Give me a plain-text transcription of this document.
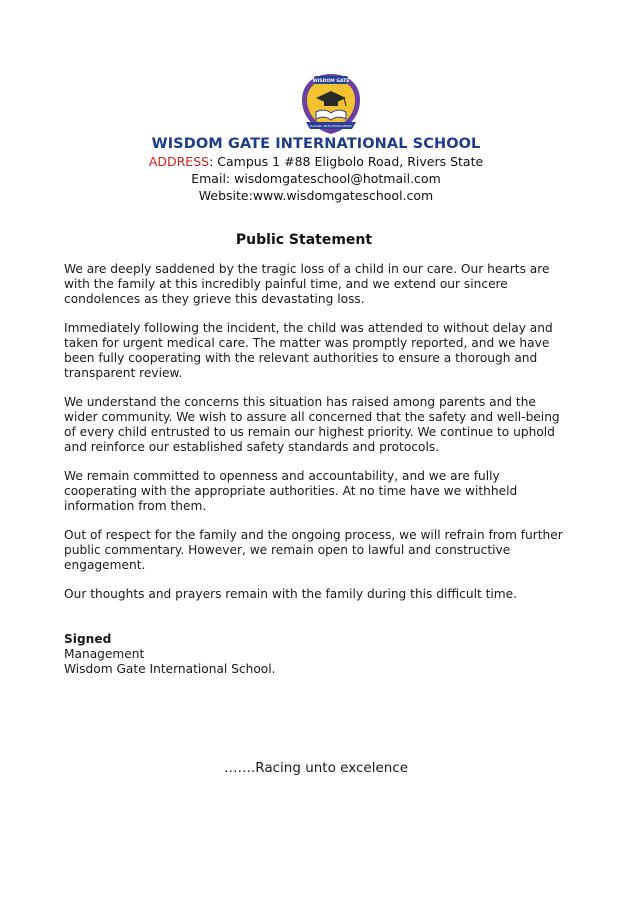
WISDOM GATE
RACING UNTO EXCELLENCE

WISDOM GATE INTERNATIONAL SCHOOL

ADDRESS: Campus 1 #88 Eligbolo Road, Rivers State

Email: wisdomgateschool@hotmail.com

Website:www.wisdomgateschool.com

Public Statement

We are deeply saddened by the tragic loss of a child in our care. Our hearts are with the family at this incredibly painful time, and we extend our sincere condolences as they grieve this devastating loss.

Immediately following the incident, the child was attended to without delay and taken for urgent medical care. The matter was promptly reported, and we have been fully cooperating with the relevant authorities to ensure a thorough and transparent review.

We understand the concerns this situation has raised among parents and the wider community. We wish to assure all concerned that the safety and well-being of every child entrusted to us remain our highest priority. We continue to uphold and reinforce our established safety standards and protocols.

We remain committed to openness and accountability, and we are fully cooperating with the appropriate authorities. At no time have we withheld information from them.

Out of respect for the family and the ongoing process, we will refrain from further public commentary. However, we remain open to lawful and constructive engagement.

Our thoughts and prayers remain with the family during this difficult time.

Signed
Management
Wisdom Gate International School.
…….Racing unto excelence
